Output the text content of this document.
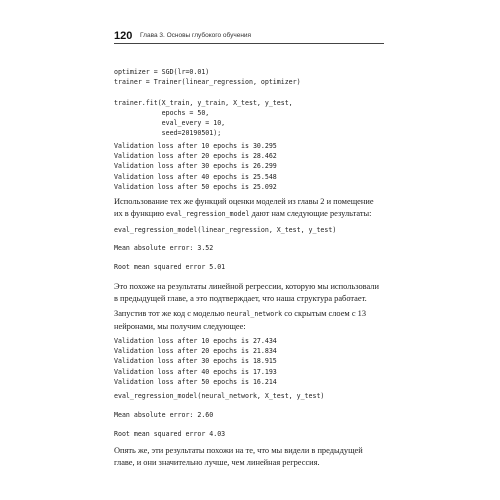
120 Глава 3. Основы глубокого обучения
optimizer = SGD(lr=0.01)
trainer = Trainer(linear_regression, optimizer)
trainer.fit(X_train, y_train, X_test, y_test,
epochs = 50,
eval_every = 10,
seed=20190501);
Validation loss after 10 epochs is 30.295
Validation loss after 20 epochs is 28.462
Validation loss after 30 epochs is 26.299
Validation loss after 40 epochs is 25.548
Validation loss after 50 epochs is 25.092

Использование тех же функций оценки моделей из главы 2 и помещение их в функцию eval_regression_model дают нам следующие результаты:

eval_regression_model(linear_regression, X_test, y_test)
Mean absolute error: 3.52
Root mean squared error 5.01
Это похоже на результаты линейной регрессии, которую мы использовали в предыдущей главе, а это подтверждает, что наша структура работает.

Запустив тот же код с моделью neural_network со скрытым слоем с 13 нейронами, мы получим следующее:

Validation loss after 10 epochs is 27.434
Validation loss after 20 epochs is 21.834
Validation loss after 30 epochs is 18.915
Validation loss after 40 epochs is 17.193
Validation loss after 50 epochs is 16.214
eval_regression_model(neural_network, X_test, y_test)
Mean absolute error: 2.60
Root mean squared error 4.03
Опять же, эти результаты похожи на те, что мы видели в предыдущей главе, и они значительно лучше, чем линейная регрессия.
